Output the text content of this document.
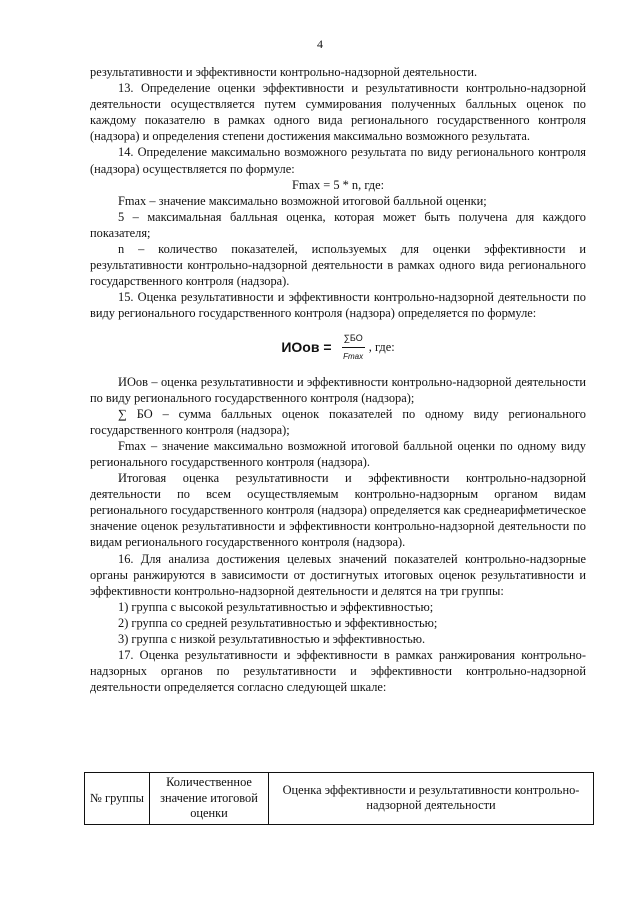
4

результативности и эффективности контрольно-надзорной деятельности.

13. Определение оценки эффективности и результативности контрольно-надзорной деятельности осуществляется путем суммирования полученных балльных оценок по каждому показателю в рамках одного вида регионального государственного контроля (надзора) и определения степени достижения максимально возможного результата.

14. Определение максимально возможного результата по виду регионального контроля (надзора) осуществляется по формуле:

Fmax = 5 * n, где:

Fmax – значение максимально возможной итоговой балльной оценки;

5 – максимальная балльная оценка, которая может быть получена для каждого показателя;

n – количество показателей, используемых для оценки эффективности и результативности контрольно-надзорной деятельности в рамках одного вида регионального государственного контроля (надзора).

15. Оценка результативности и эффективности контрольно-надзорной деятельности по виду регионального государственного контроля (надзора) определяется по формуле:

ИОов = $\frac{\sum БО}{Fmax}$ , где:

ИОов – оценка результативности и эффективности контрольно-надзорной деятельности по виду регионального государственного контроля (надзора);

∑ БО – сумма балльных оценок показателей по одному виду регионального государственного контроля (надзора);

Fmax – значение максимально возможной итоговой балльной оценки по одному виду регионального государственного контроля (надзора).

Итоговая оценка результативности и эффективности контрольно-надзорной деятельности по всем осуществляемым контрольно-надзорным органом видам регионального государственного контроля (надзора) определяется как среднеарифметическое значение оценок результативности и эффективности контрольно-надзорной деятельности по видам регионального государственного контроля (надзора).

16. Для анализа достижения целевых значений показателей контрольно-надзорные органы ранжируются в зависимости от достигнутых итоговых оценок результативности и эффективности контрольно-надзорной деятельности и делятся на три группы:

1) группа с высокой результативностью и эффективностью;

2) группа со средней результативностью и эффективностью;

3) группа с низкой результативностью и эффективностью.

17. Оценка результативности и эффективности в рамках ранжирования контрольно-надзорных органов по результативности и эффективности контрольно-надзорной деятельности определяется согласно следующей шкале:

№ группы	Количественное значение итоговой оценки	Оценка эффективности и результативности контрольно-надзорной деятельности
